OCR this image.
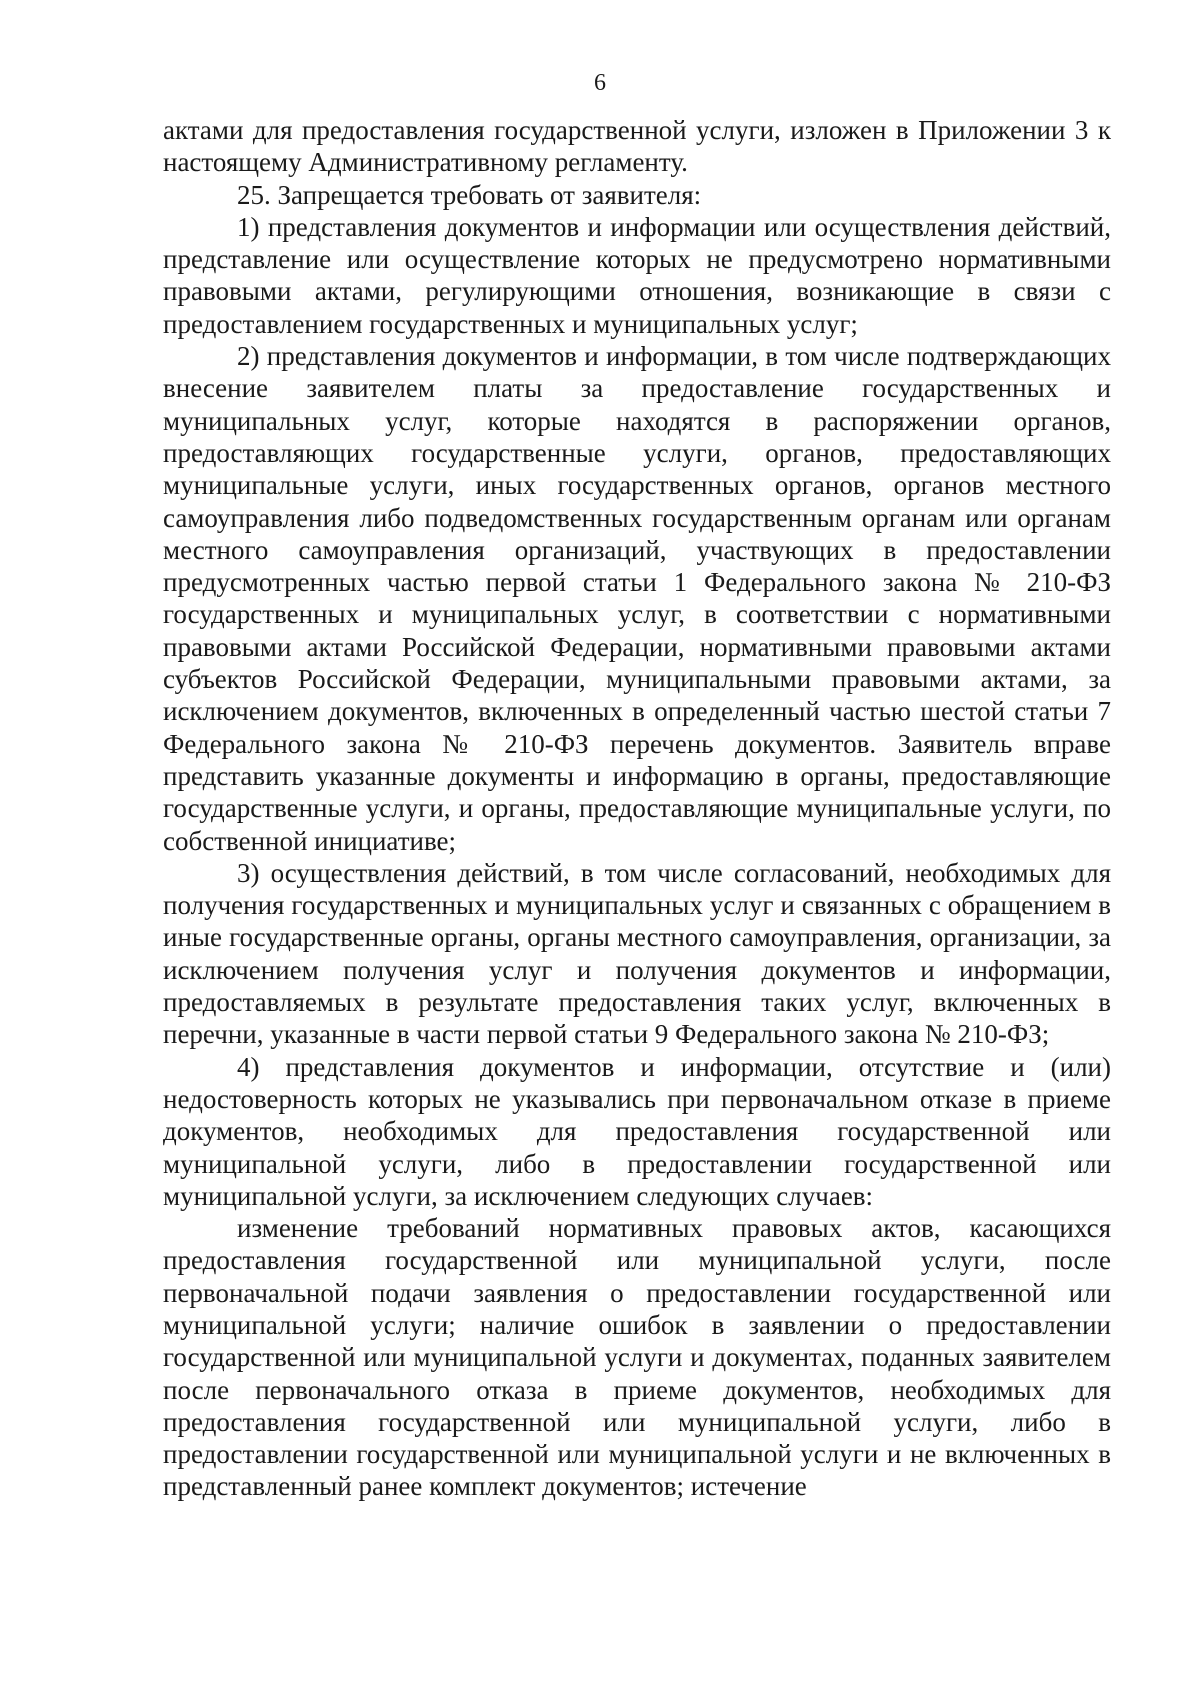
6

актами для предоставления государственной услуги, изложен в Приложении 3 к настоящему Административному регламенту.

25. Запрещается требовать от заявителя:

1) представления документов и информации или осуществления действий, представление или осуществление которых не предусмотрено нормативными правовыми актами, регулирующими отношения, возникающие в связи с предоставлением государственных и муниципальных услуг;

2) представления документов и информации, в том числе подтверждающих внесение заявителем платы за предоставление государственных и муниципальных услуг, которые находятся в распоряжении органов, предоставляющих государственные услуги, органов, предоставляющих муниципальные услуги, иных государственных органов, органов местного самоуправления либо подведомственных государственным органам или органам местного самоуправления организаций, участвующих в предоставлении предусмотренных частью первой статьи 1 Федерального закона № 210-ФЗ государственных и муниципальных услуг, в соответствии с нормативными правовыми актами Российской Федерации, нормативными правовыми актами субъектов Российской Федерации, муниципальными правовыми актами, за исключением документов, включенных в определенный частью шестой статьи 7 Федерального закона № 210-ФЗ перечень документов. Заявитель вправе представить указанные документы и информацию в органы, предоставляющие государственные услуги, и органы, предоставляющие муниципальные услуги, по собственной инициативе;

3) осуществления действий, в том числе согласований, необходимых для получения государственных и муниципальных услуг и связанных с обращением в иные государственные органы, органы местного самоуправления, организации, за исключением получения услуг и получения документов и информации, предоставляемых в результате предоставления таких услуг, включенных в перечни, указанные в части первой статьи 9 Федерального закона № 210-ФЗ;

4) представления документов и информации, отсутствие и (или) недостоверность которых не указывались при первоначальном отказе в приеме документов, необходимых для предоставления государственной или муниципальной услуги, либо в предоставлении государственной или муниципальной услуги, за исключением следующих случаев:

изменение требований нормативных правовых актов, касающихся предоставления государственной или муниципальной услуги, после первоначальной подачи заявления о предоставлении государственной или муниципальной услуги; наличие ошибок в заявлении о предоставлении государственной или муниципальной услуги и документах, поданных заявителем после первоначального отказа в приеме документов, необходимых для предоставления государственной или муниципальной услуги, либо в предоставлении государственной или муниципальной услуги и не включенных в представленный ранее комплект документов; истечение
